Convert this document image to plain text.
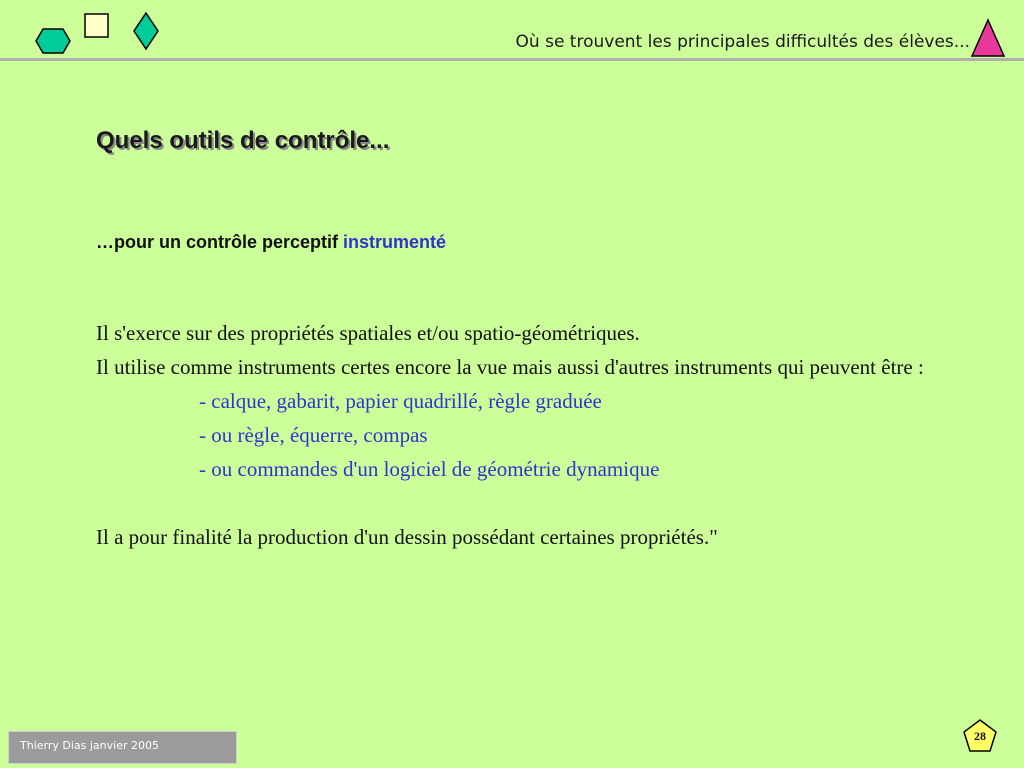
Où se trouvent les principales difficultés des élèves...
Quels outils de contrôle...
…pour un contrôle perceptif instrumenté

Il s'exerce sur des propriétés spatiales et/ou spatio-géométriques.

Il utilise comme instruments certes encore la vue mais aussi d'autres instruments qui peuvent être :

- calque, gabarit, papier quadrillé, règle graduée

- ou règle, équerre, compas

- ou commandes d'un logiciel de géométrie dynamique

Il a pour finalité la production d'un dessin possédant certaines propriétés."

Thierry Dias janvier 2005
28
